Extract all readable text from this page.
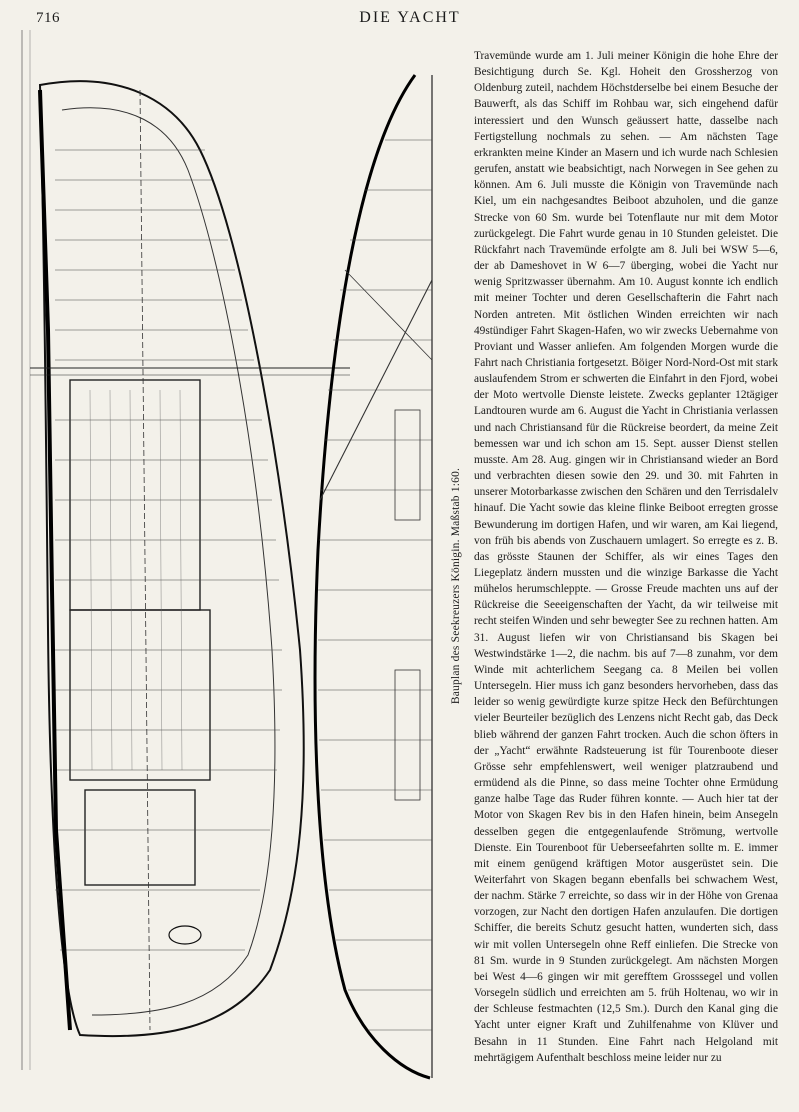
716	DIE YACHT
Bauplan des Seekreuzers Königin. Maßstab 1:60.
Travemünde wurde am 1. Juli meiner Königin die hohe Ehre der Besichtigung durch Se. Kgl. Hoheit den Grossherzog von Oldenburg zuteil, nachdem Höchstderselbe bei einem Besuche der Bauwerft, als das Schiff im Rohbau war, sich eingehend dafür interessiert und den Wunsch geäussert hatte, dasselbe nach Fertigstellung nochmals zu sehen. — Am nächsten Tage erkrankten meine Kinder an Masern und ich wurde nach Schlesien gerufen, anstatt wie beabsichtigt, nach Norwegen in See gehen zu können. Am 6. Juli musste die Königin von Travemünde nach Kiel, um ein nachgesandtes Beiboot abzuholen, und die ganze Strecke von 60 Sm. wurde bei Totenflaute nur mit dem Motor zurückgelegt. Die Fahrt wurde genau in 10 Stunden geleistet. Die Rückfahrt nach Travemünde erfolgte am 8. Juli bei WSW 5—6, der ab Dameshovet in W 6—7 überging, wobei die Yacht nur wenig Spritzwasser übernahm. Am 10. August konnte ich endlich mit meiner Tochter und deren Gesellschafterin die Fahrt nach Norden antreten. Mit östlichen Winden erreichten wir nach 49stündiger Fahrt Skagen-Hafen, wo wir zwecks Uebernahme von Proviant und Wasser anliefen. Am folgenden Morgen wurde die Fahrt nach Christiania fortgesetzt. Böiger Nord-Nord-Ost mit stark auslaufendem Strom er schwerten die Einfahrt in den Fjord, wobei der Moto wertvolle Dienste leistete. Zwecks geplanter 12tägiger Landtouren wurde am 6. August die Yacht in Christiania verlassen und nach Christiansand für die Rückreise beordert, da meine Zeit bemessen war und ich schon am 15. Sept. ausser Dienst stellen musste. Am 28. Aug. gingen wir in Christiansand wieder an Bord und verbrachten diesen sowie den 29. und 30. mit Fahrten in unserer Motorbarkasse zwischen den Schären und den Terrisdalelv hinauf. Die Yacht sowie das kleine flinke Beiboot erregten grosse Bewunderung im dortigen Hafen, und wir waren, am Kai liegend, von früh bis abends von Zuschauern umlagert. So erregte es z. B. das grösste Staunen der Schiffer, als wir eines Tages den Liegeplatz ändern mussten und die winzige Barkasse die Yacht mühelos herumschleppte. — Grosse Freude machten uns auf der Rückreise die Seeeigenschaften der Yacht, da wir teilweise mit recht steifen Winden und sehr bewegter See zu rechnen hatten. Am 31. August liefen wir von Christiansand bis Skagen bei Westwindstärke 1—2, die nachm. bis auf 7—8 zunahm, vor dem Winde mit achterlichem Seegang ca. 8 Meilen bei vollen Untersegeln. Hier muss ich ganz besonders hervorheben, dass das leider so wenig gewürdigte kurze spitze Heck den Befürchtungen vieler Beurteiler bezüglich des Lenzens nicht Recht gab, das Deck blieb während der ganzen Fahrt trocken. Auch die schon öfters in der „Yacht“ erwähnte Radsteuerung ist für Tourenboote dieser Grösse sehr empfehlenswert, weil weniger platzraubend und ermüdend als die Pinne, so dass meine Tochter ohne Ermüdung ganze halbe Tage das Ruder führen konnte. — Auch hier tat der Motor von Skagen Rev bis in den Hafen hinein, beim Ansegeln desselben gegen die entgegenlaufende Strömung, wertvolle Dienste. Ein Tourenboot für Ueberseefahrten sollte m. E. immer mit einem genügend kräftigen Motor ausgerüstet sein. Die Weiterfahrt von Skagen begann ebenfalls bei schwachem West, der nachm. Stärke 7 erreichte, so dass wir in der Höhe von Grenaa vorzogen, zur Nacht den dortigen Hafen anzulaufen. Die dortigen Schiffer, die bereits Schutz gesucht hatten, wunderten sich, dass wir mit vollen Untersegeln ohne Reff einliefen. Die Strecke von 81 Sm. wurde in 9 Stunden zurückgelegt. Am nächsten Morgen bei West 4—6 gingen wir mit gerefftem Grosssegel und vollen Vorsegeln südlich und erreichten am 5. früh Holtenau, wo wir in der Schleuse festmachten (12,5 Sm.). Durch den Kanal ging die Yacht unter eigner Kraft und Zuhilfenahme von Klüver und Besahn in 11 Stunden. Eine Fahrt nach Helgoland mit mehrtägigem Aufenthalt beschloss meine leider nur zu
